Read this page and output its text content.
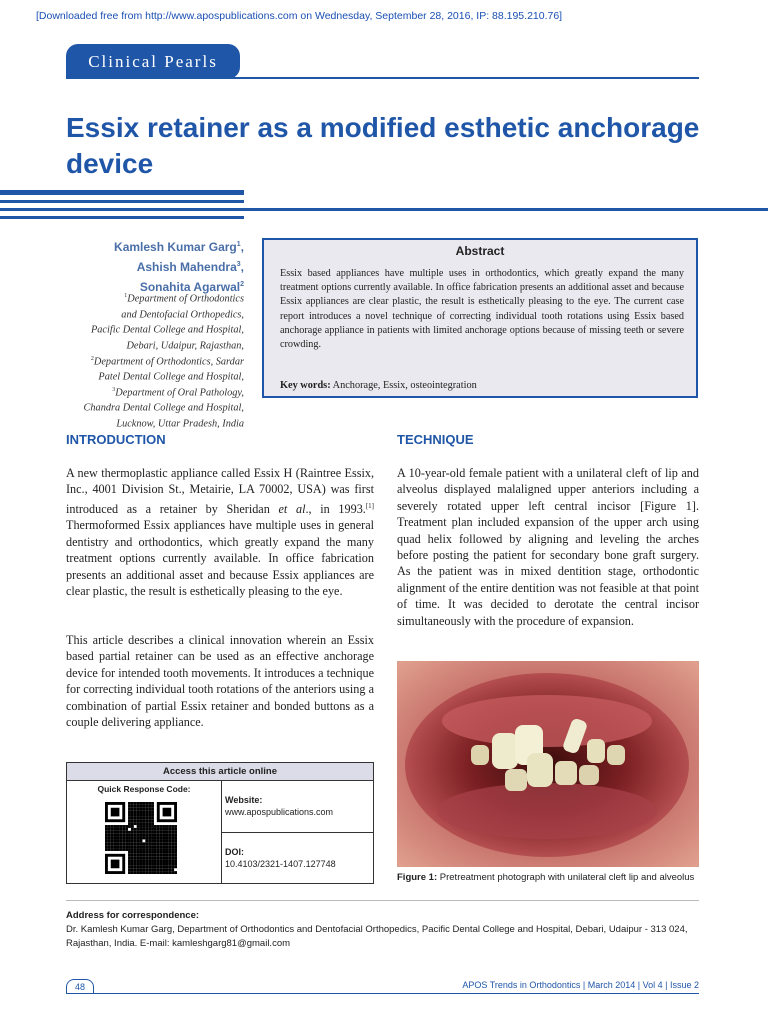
[Downloaded free from http://www.apospublications.com on Wednesday, September 28, 2016, IP: 88.195.210.76]
Clinical Pearls
Essix retainer as a modified esthetic anchorage device
Kamlesh Kumar Garg$^1$,
Ashish Mahendra$^3$,
Sonahita Agarwal$^2$
$^1$Department of Orthodontics
and Dentofacial Orthopedics,
Pacific Dental College and Hospital,
Debari, Udaipur, Rajasthan,
$^2$Department of Orthodontics, Sardar
Patel Dental College and Hospital,
$^3$Department of Oral Pathology,
Chandra Dental College and Hospital,
Lucknow, Uttar Pradesh, India
Abstract
Essix based appliances have multiple uses in orthodontics, which greatly expand the many treatment options currently available. In office fabrication presents an additional asset and because Essix appliances are clear plastic, the result is esthetically pleasing to the eye. The current case report introduces a novel technique of correcting individual tooth rotations using Essix based anchorage appliance in patients with limited anchorage options because of missing teeth or severe crowding.
Key words: Anchorage, Essix, osteointegration
INTRODUCTION
A new thermoplastic appliance called Essix H (Raintree Essix, Inc., 4001 Division St., Metairie, LA 70002, USA) was first introduced as a retainer by Sheridan et al., in 1993.[1] Thermoformed Essix appliances have multiple uses in general dentistry and orthodontics, which greatly expand the many treatment options currently available. In office fabrication presents an additional asset and because Essix appliances are clear plastic, the result is esthetically pleasing to the eye.
This article describes a clinical innovation wherein an Essix based partial retainer can be used as an effective anchorage device for intended tooth movements. It introduces a technique for correcting individual tooth rotations of the anteriors using a combination of partial Essix retainer and bonded buttons as a couple delivering appliance.
TECHNIQUE
A 10-year-old female patient with a unilateral cleft of lip and alveolus displayed malaligned upper anteriors including a severely rotated upper left central incisor [Figure 1]. Treatment plan included expansion of the upper arch using quad helix followed by aligning and leveling the arches before posting the patient for secondary bone graft surgery. As the patient was in mixed dentition stage, orthodontic alignment of the entire dentition was not feasible at that point of time. It was decided to derotate the central incisor simultaneously with the procedure of expansion.
Access this article online
Quick Response Code:
Website:
www.apospublications.com
DOI:
10.4103/2321-1407.127748
Figure 1: Pretreatment photograph with unilateral cleft lip and alveolus
Address for correspondence:
Dr. Kamlesh Kumar Garg, Department of Orthodontics and Dentofacial Orthopedics, Pacific Dental College and Hospital, Debari, Udaipur - 313 024, Rajasthan, India. E-mail: kamleshgarg81@gmail.com
48	APOS Trends in Orthodontics | March 2014 | Vol 4 | Issue 2
